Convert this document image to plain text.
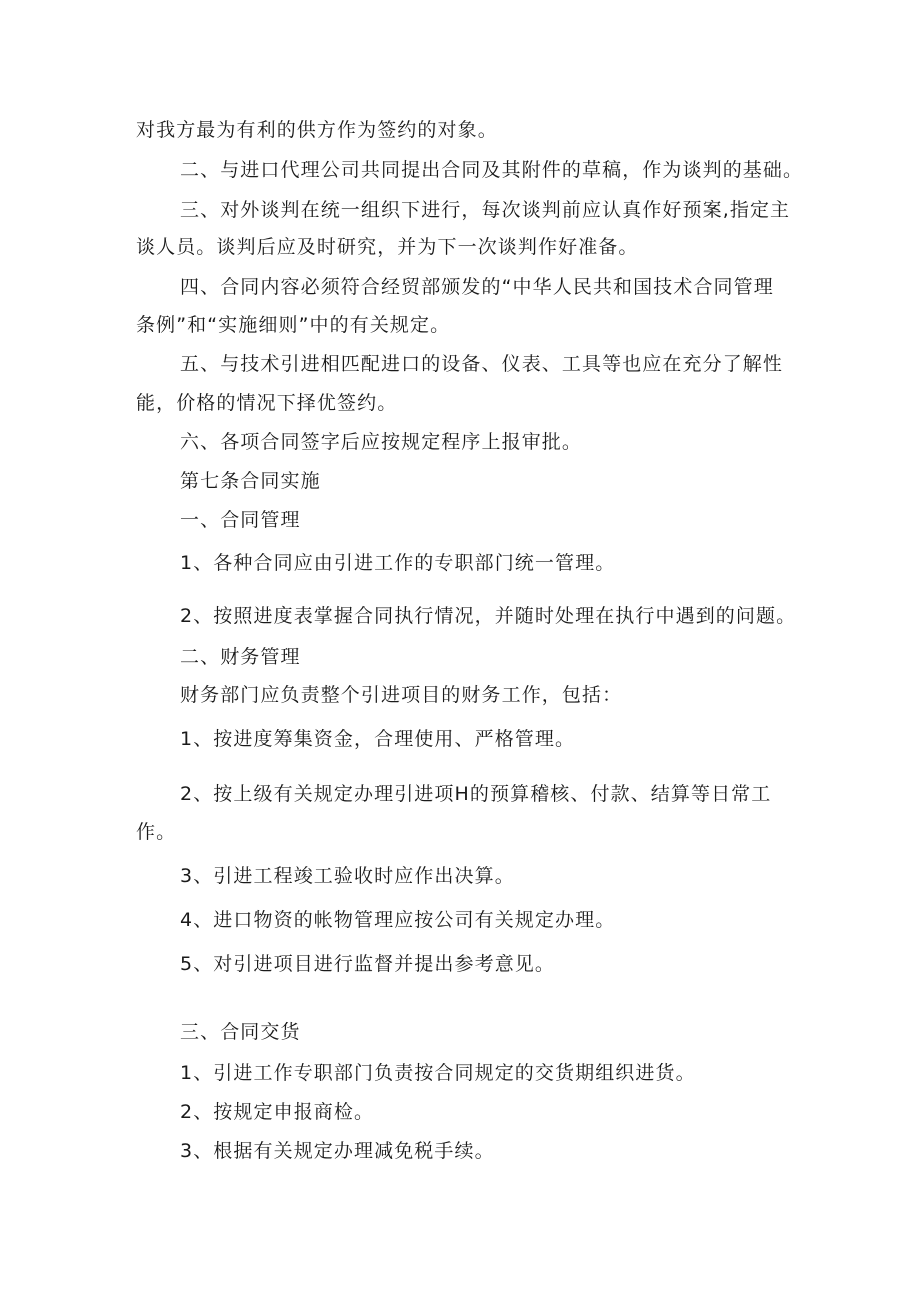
对我方最为有利的供方作为签约的对象。

二、与进口代理公司共同提出合同及其附件的草稿，作为谈判的基础。

三、对外谈判在统一组织下进行，每次谈判前应认真作好预案,指定主

谈人员。谈判后应及时研究，并为下一次谈判作好准备。

四、合同内容必须符合经贸部颁发的“中华人民共和国技术合同管理

条例”和“实施细则”中的有关规定。

五、与技术引进相匹配进口的设备、仪表、工具等也应在充分了解性

能，价格的情况下择优签约。

六、各项合同签字后应按规定程序上报审批。

第七条合同实施

一、合同管理

1、各种合同应由引进工作的专职部门统一管理。

2、按照进度表掌握合同执行情况，并随时处理在执行中遇到的问题。

二、财务管理

财务部门应负责整个引进项目的财务工作，包括：

1、按进度筹集资金，合理使用、严格管理。

2、按上级有关规定办理引进项H的预算稽核、付款、结算等日常工

作。

3、引进工程竣工验收时应作出决算。

4、进口物资的帐物管理应按公司有关规定办理。

5、对引进项目进行监督并提出参考意见。

三、合同交货

1、引进工作专职部门负责按合同规定的交货期组织进货。

2、按规定申报商检。

3、根据有关规定办理减免税手续。
